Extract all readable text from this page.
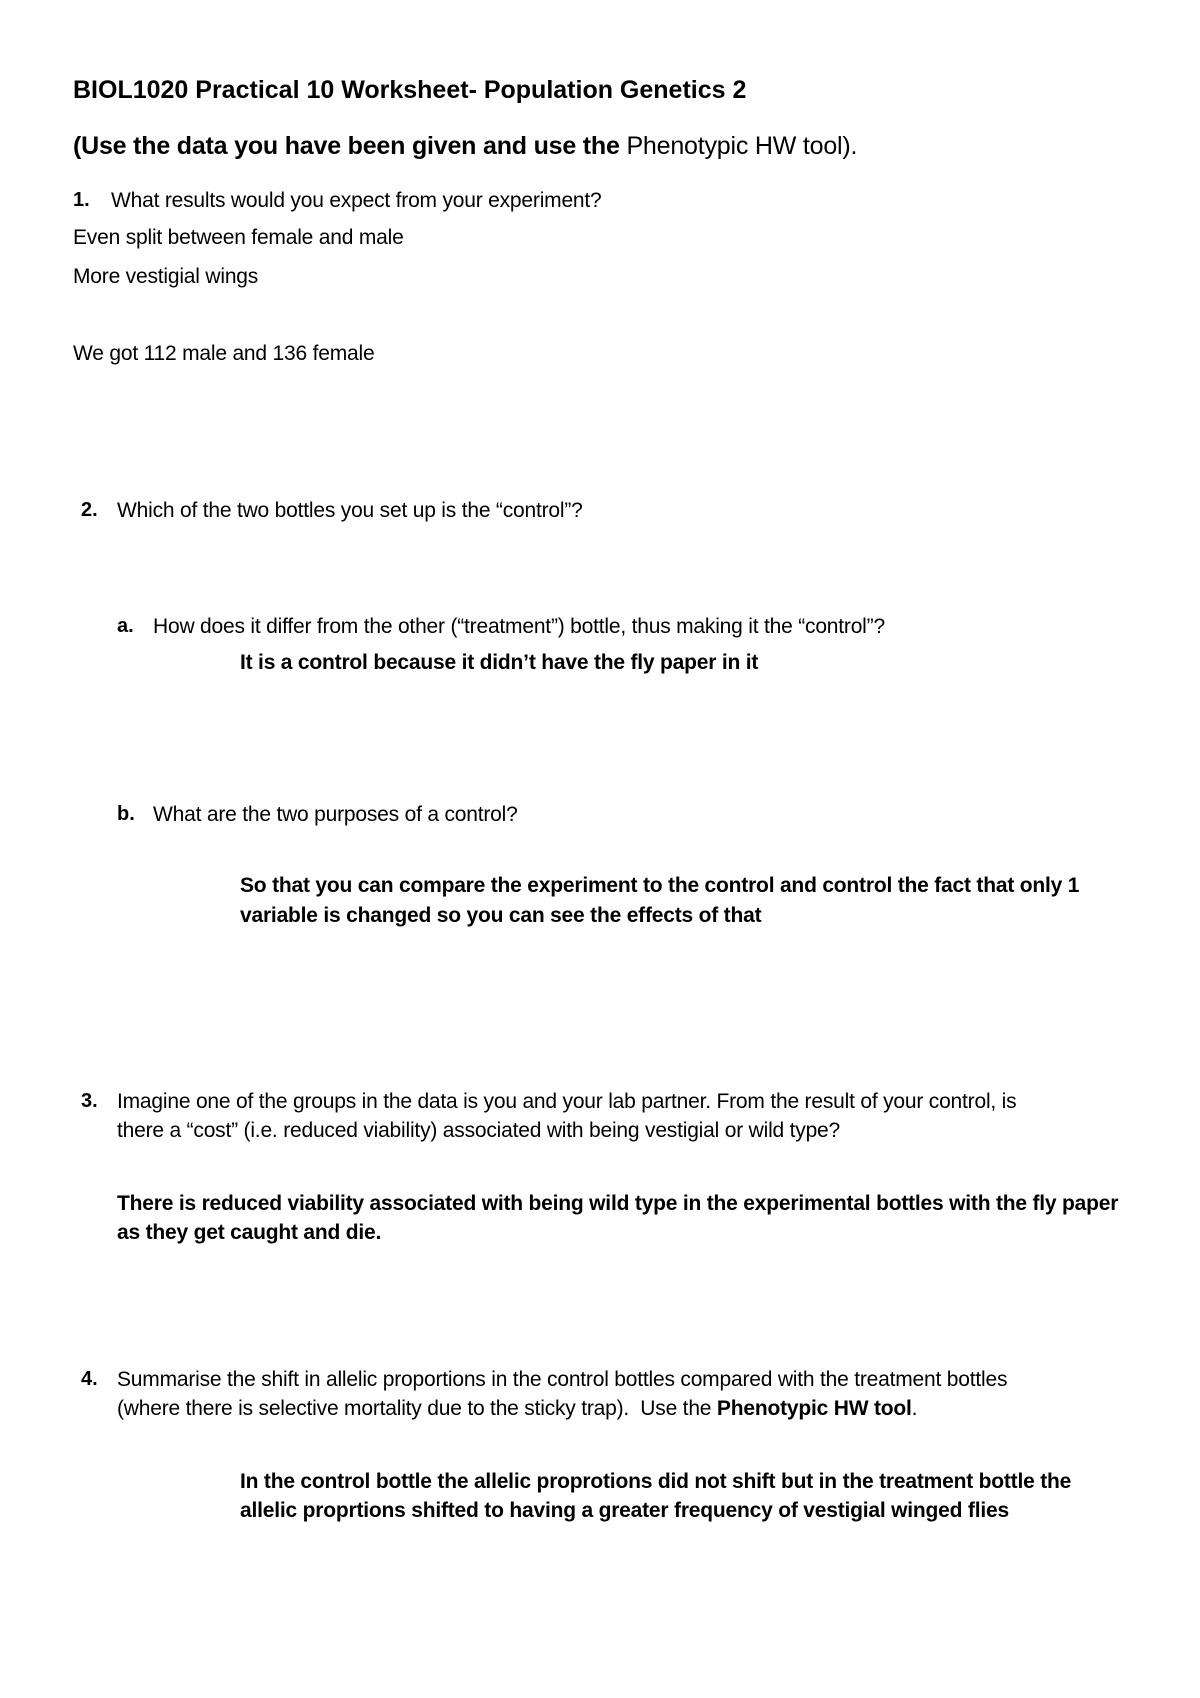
BIOL1020 Practical 10 Worksheet- Population Genetics 2
(Use the data you have been given and use the Phenotypic HW tool).
1. What results would you expect from your experiment?
Even split between female and male
More vestigial wings
We got 112 male and 136 female
2. Which of the two bottles you set up is the “control”?
a. How does it differ from the other (“treatment”) bottle, thus making it the “control”?
It is a control because it didn’t have the fly paper in it
b. What are the two purposes of a control?
So that you can compare the experiment to the control and control the fact that only 1
variable is changed so you can see the effects of that
3. Imagine one of the groups in the data is you and your lab partner. From the result of your control, is
there a “cost” (i.e. reduced viability) associated with being vestigial or wild type?
There is reduced viability associated with being wild type in the experimental bottles with the fly paper
as they get caught and die.
4. Summarise the shift in allelic proportions in the control bottles compared with the treatment bottles
(where there is selective mortality due to the sticky trap).  Use the Phenotypic HW tool.
In the control bottle the allelic proprotions did not shift but in the treatment bottle the
allelic proprtions shifted to having a greater frequency of vestigial winged flies
